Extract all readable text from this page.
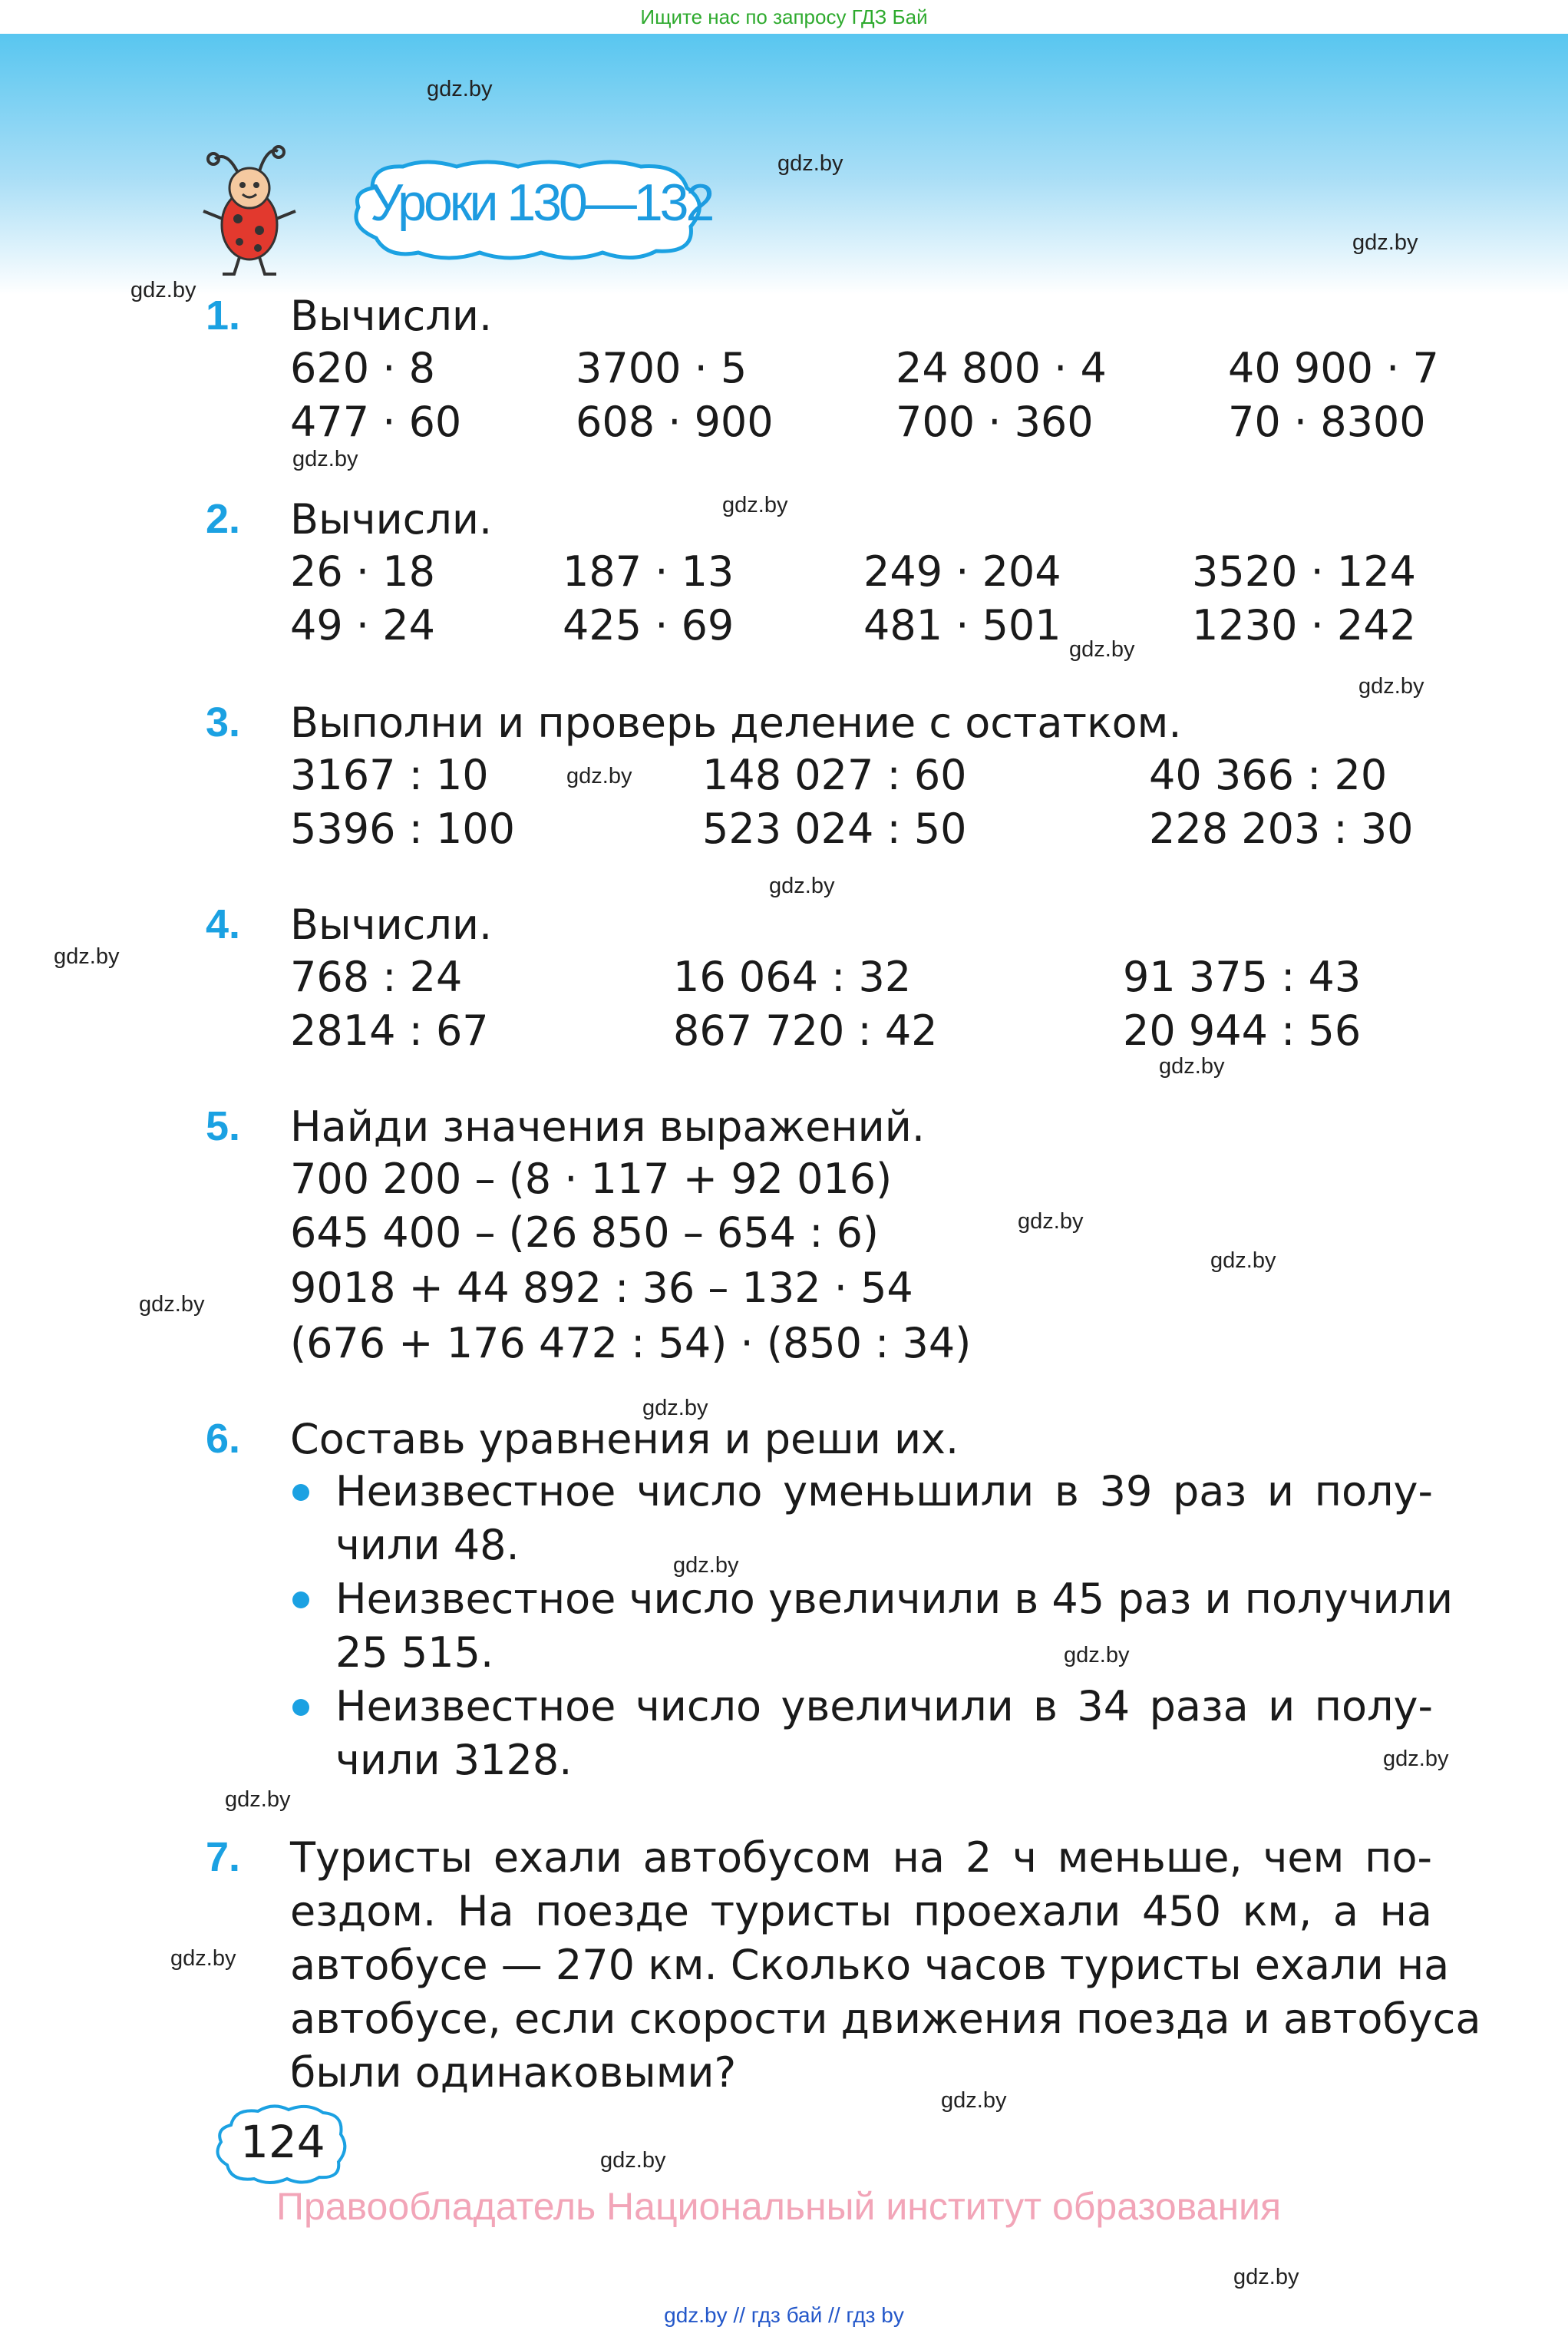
Ищите нас по запросу ГДЗ Бай
Уроки 130—132
1. Вычисли.
620 · 8	3700 · 5	24 800 · 4	40 900 · 7
477 · 60	608 · 900	700 · 360	70 · 8300
2. Вычисли.
26 · 18	187 · 13	249 · 204	3520 · 124
49 · 24	425 · 69	481 · 501	1230 · 242
3. Выполни и проверь деление с остатком.
3167 : 10	148 027 : 60	40 366 : 20
5396 : 100	523 024 : 50	228 203 : 30
4. Вычисли.
768 : 24	16 064 : 32	91 375 : 43
2814 : 67	867 720 : 42	20 944 : 56
5. Найди значения выражений.
700 200 – (8 · 117 + 92 016)
645 400 – (26 850 – 654 : 6)
9018 + 44 892 : 36 – 132 · 54
(676 + 176 472 : 54) · (850 : 34)
6. Составь уравнения и реши их.
Неизвестное число уменьшили в 39 раз и полу-
чили 48.
Неизвестное число увеличили в 45 раз и получили
25 515.
Неизвестное число увеличили в 34 раза и полу-
чили 3128.
7. Туристы ехали автобусом на 2 ч меньше, чем по-
ездом. На поезде туристы проехали 450 км, а на
автобусе — 270 км. Сколько часов туристы ехали на
автобусе, если скорости движения поезда и автобуса
были одинаковыми?
124
Правообладатель Национальный институт образования
gdz.by // гдз бай // гдз by
gdz.by
gdz.by
gdz.by
gdz.by
gdz.by
gdz.by
gdz.by
gdz.by
gdz.by
gdz.by
gdz.by
gdz.by
gdz.by
gdz.by
gdz.by
gdz.by
gdz.by
gdz.by
gdz.by
gdz.by
gdz.by
gdz.by
gdz.by
gdz.by
